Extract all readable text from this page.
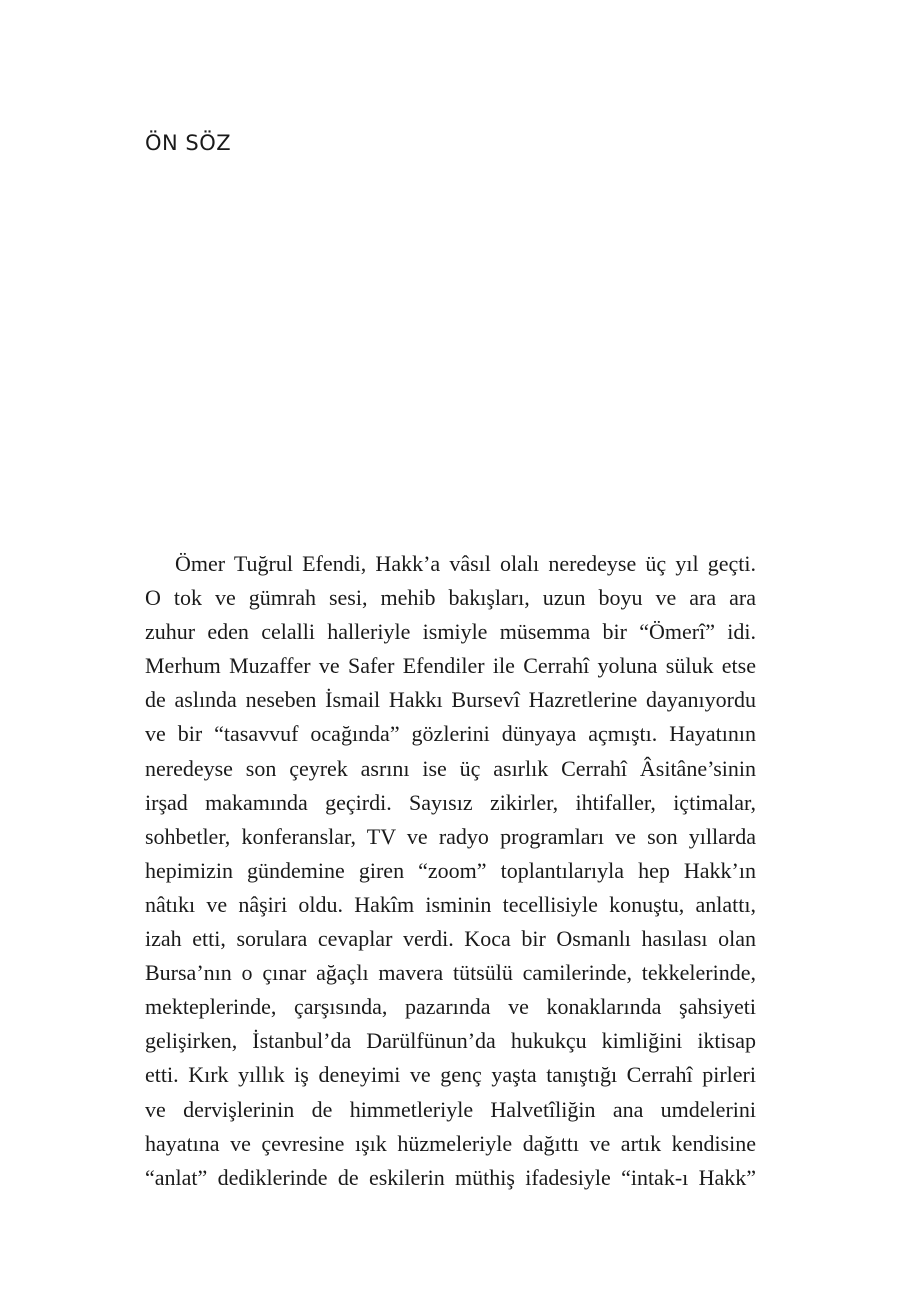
ÖN SÖZ
Ömer Tuğrul Efendi, Hakk’a vâsıl olalı neredeyse üç yıl geçti.
O tok ve gümrah sesi, mehib bakışları, uzun boyu ve ara ara
zuhur eden celalli halleriyle ismiyle müsemma bir “Ömerî” idi.
Merhum Muzaffer ve Safer Efendiler ile Cerrahî yoluna süluk etse
de aslında neseben İsmail Hakkı Bursevî Hazretlerine dayanıyordu
ve bir “tasavvuf ocağında” gözlerini dünyaya açmıştı. Hayatının
neredeyse son çeyrek asrını ise üç asırlık Cerrahî Âsitâne’sinin
irşad makamında geçirdi. Sayısız zikirler, ihtifaller, içtimalar,
sohbetler, konferanslar, TV ve radyo programları ve son yıllarda
hepimizin gündemine giren “zoom” toplantılarıyla hep Hakk’ın
nâtıkı ve nâşiri oldu. Hakîm isminin tecellisiyle konuştu, anlattı,
izah etti, sorulara cevaplar verdi. Koca bir Osmanlı hasılası olan
Bursa’nın o çınar ağaçlı mavera tütsülü camilerinde, tekkelerinde,
mekteplerinde, çarşısında, pazarında ve konaklarında şahsiyeti
gelişirken, İstanbul’da Darülfünun’da hukukçu kimliğini iktisap
etti. Kırk yıllık iş deneyimi ve genç yaşta tanıştığı Cerrahî pirleri
ve dervişlerinin de himmetleriyle Halvetîliğin ana umdelerini
hayatına ve çevresine ışık hüzmeleriyle dağıttı ve artık kendisine
“anlat” dediklerinde de eskilerin müthiş ifadesiyle “intak-ı Hakk”
